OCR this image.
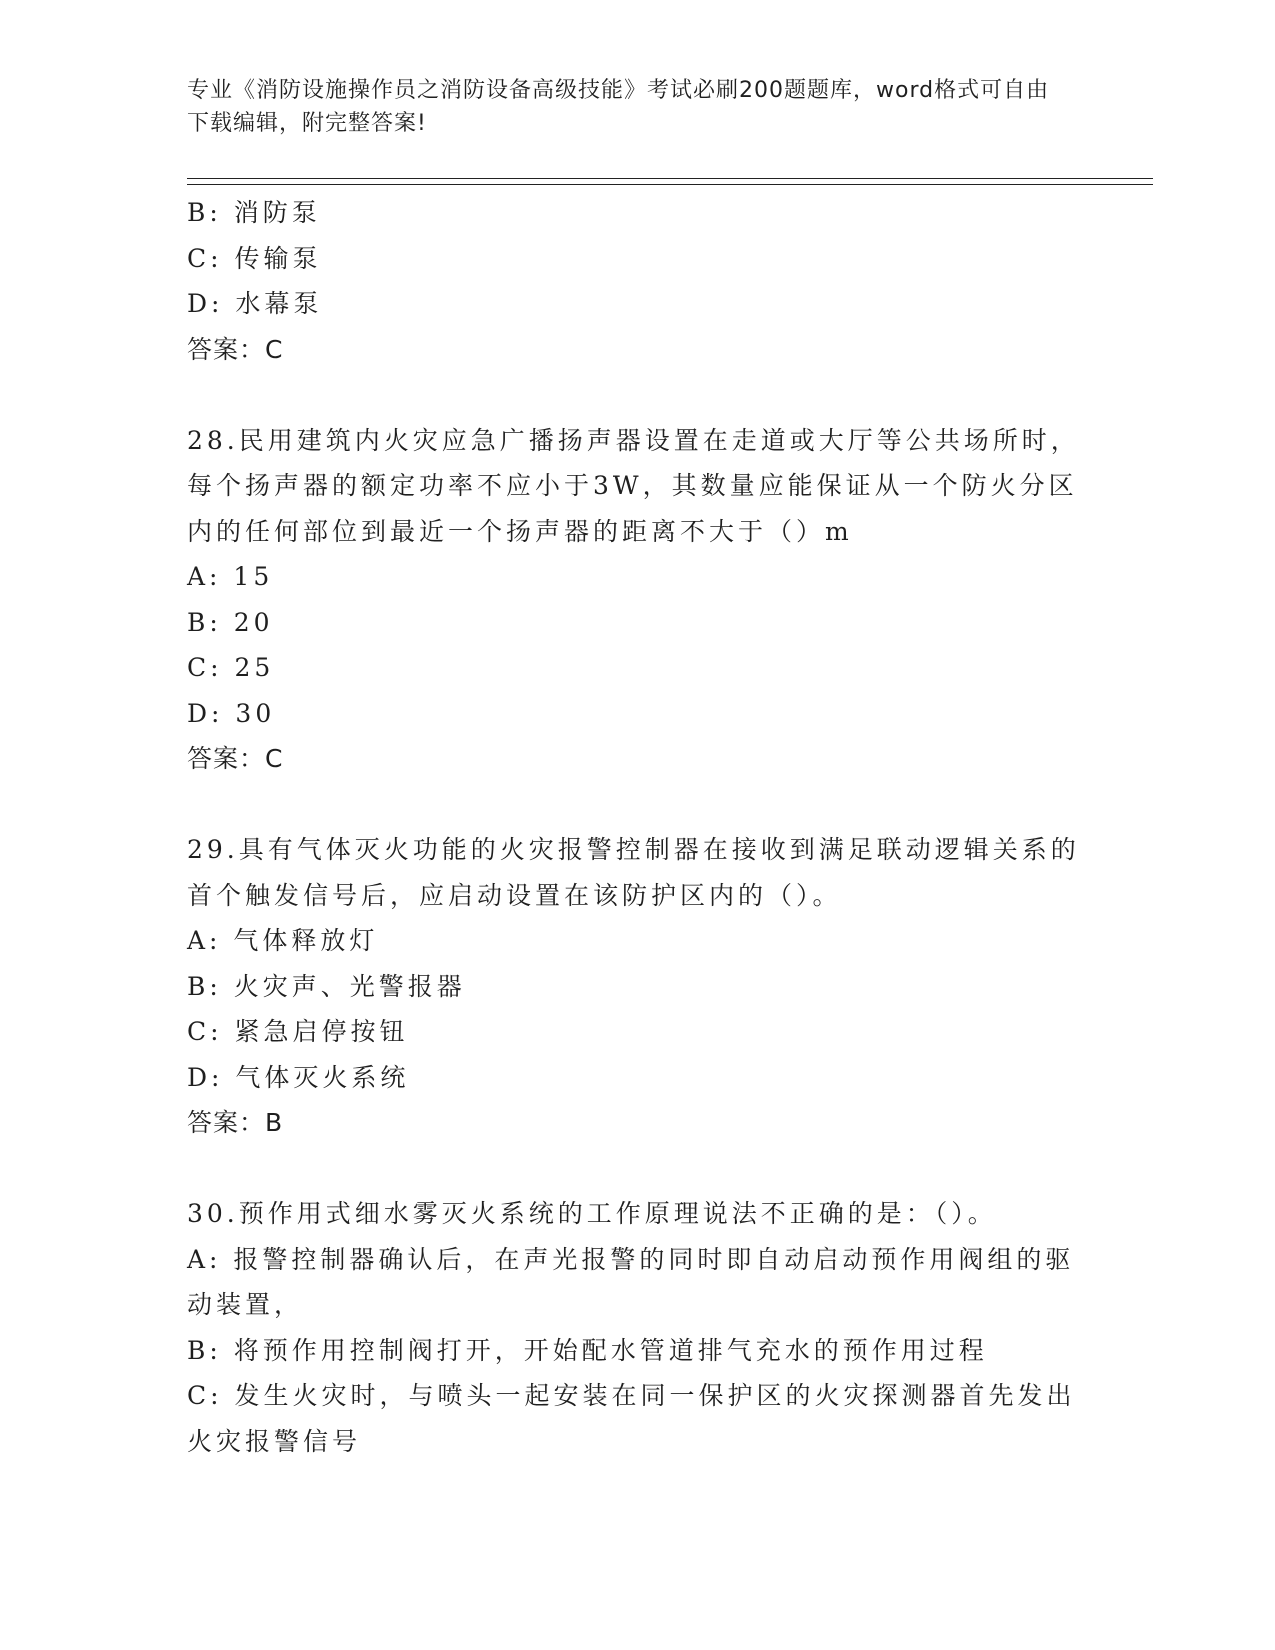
专业《消防设施操作员之消防设备高级技能》考试必刷200题题库，word格式可自由下载编辑，附完整答案!
B: 消防泵
C: 传输泵
D: 水幕泵
答案：C
28.民用建筑内火灾应急广播扬声器设置在走道或大厅等公共场所时，
每个扬声器的额定功率不应小于3W，其数量应能保证从一个防火分区
内的任何部位到最近一个扬声器的距离不大于（）m
A: 15
B: 20
C: 25
D: 30
答案：C
29.具有气体灭火功能的火灾报警控制器在接收到满足联动逻辑关系的
首个触发信号后，应启动设置在该防护区内的（）。
A: 气体释放灯
B: 火灾声、光警报器
C: 紧急启停按钮
D: 气体灭火系统
答案：B
30.预作用式细水雾灭火系统的工作原理说法不正确的是：（）。
A: 报警控制器确认后，在声光报警的同时即自动启动预作用阀组的驱
动装置，
B: 将预作用控制阀打开，开始配水管道排气充水的预作用过程
C: 发生火灾时，与喷头一起安装在同一保护区的火灾探测器首先发出
火灾报警信号
